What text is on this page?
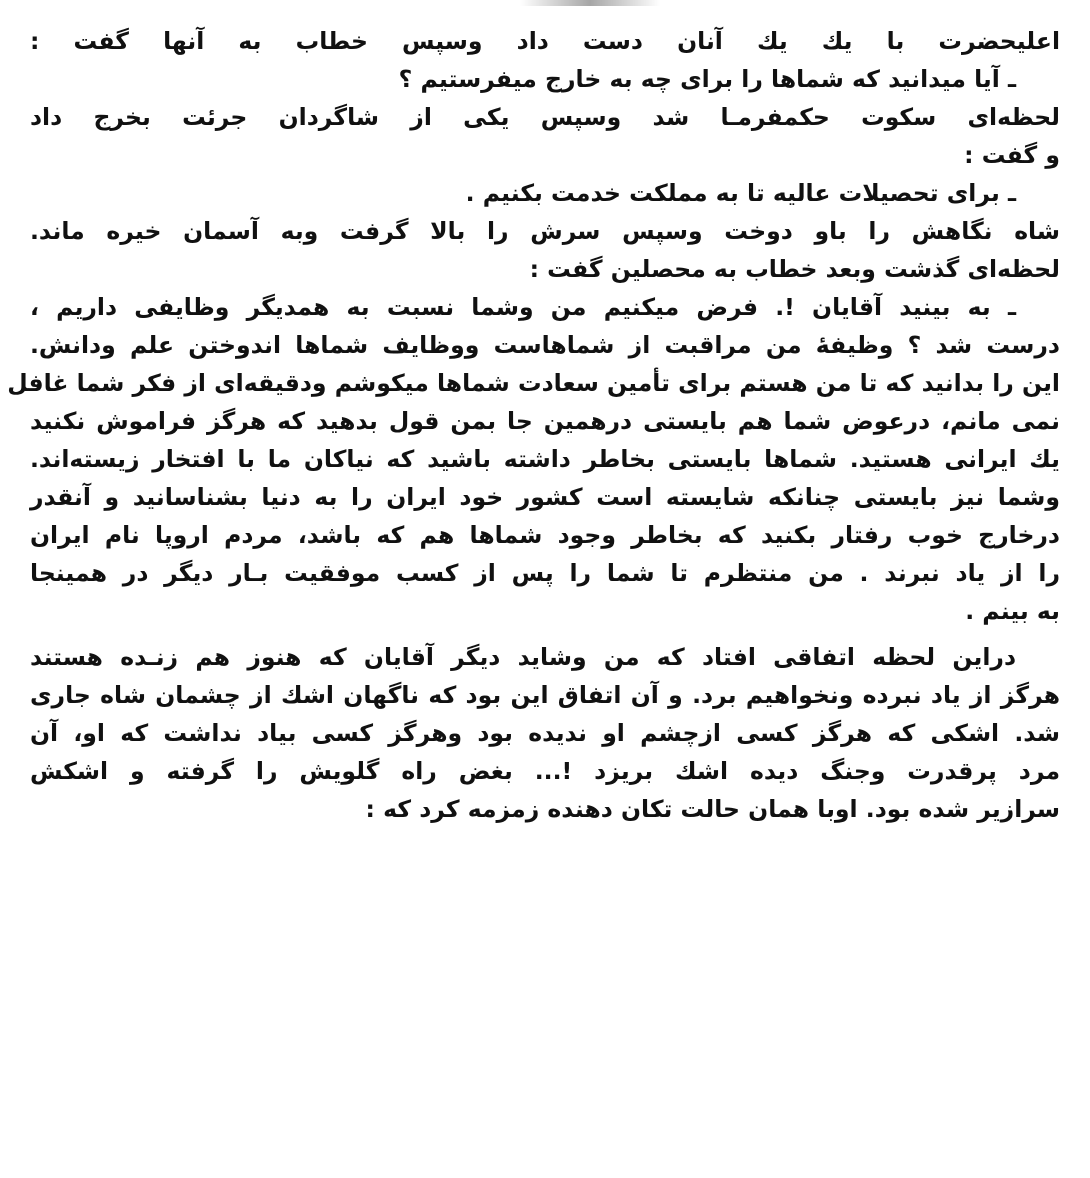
اعلیحضرت با یك یك آنان دست داد وسپس خطاب به آنها گفت :
ـ آیا میدانید که شماها را برای چه به خارج میفرستیم ؟
لحظه‌ای سکوت حکمفرمـا شد وسپس یکی از شاگردان جرئت بخرج داد
و گفت :
ـ برای تحصیلات عالیه تا به مملکت خدمت بکنیم .
شاه نگاهش را باو دوخت وسپس سرش را بالا گرفت وبه آسمان خیره ماند.
لحظه‌ای گذشت وبعد خطاب به محصلین گفت :
ـ به بینید آقایان !. فرض میکنیم من وشما نسبت به همدیگر وظایفی داریم ،
درست شد ؟ وظیفهٔ من مراقبت از شماهاست ووظایف شماها اندوختن علم ودانش.
این را بدانید که تا من هستم برای تأمین سعادت شماها میکوشم ودقیقه‌ای از فکر شما غافل
نمی مانم، درعوض شما هم بایستی درهمین جا بمن قول بدهید که هرگز فراموش نکنید
یك ایرانی هستید. شماها بایستی بخاطر داشته باشید که نیاکان ما با افتخار زیسته‌اند.
وشما نیز بایستی چنانکه شایسته است کشور خود ایران را به دنیا بشناسانید و آنقدر
درخارج خوب رفتار بکنید که بخاطر وجود شماها هم که باشد، مردم اروپا نام ایران
را از یاد نبرند . من منتظرم تا شما را پس از کسب موفقیت بـار دیگر در همینجا
به بینم .
دراین لحظه اتفاقی افتاد که من وشاید دیگر آقایان که هنوز هم زنـده هستند
هرگز از یاد نبرده ونخواهیم برد. و آن اتفاق این بود که ناگهان اشك از چشمان شاه جاری
شد. اشکی که هرگز کسی ازچشم او ندیده بود وهرگز کسی بیاد نداشت که او، آن
مرد پرقدرت وجنگ دیده اشك بریزد !... بغض راه گلویش را گرفته و اشکش
سرازیر شده بود. اوبا همان حالت تکان دهنده زمزمه کرد که :
